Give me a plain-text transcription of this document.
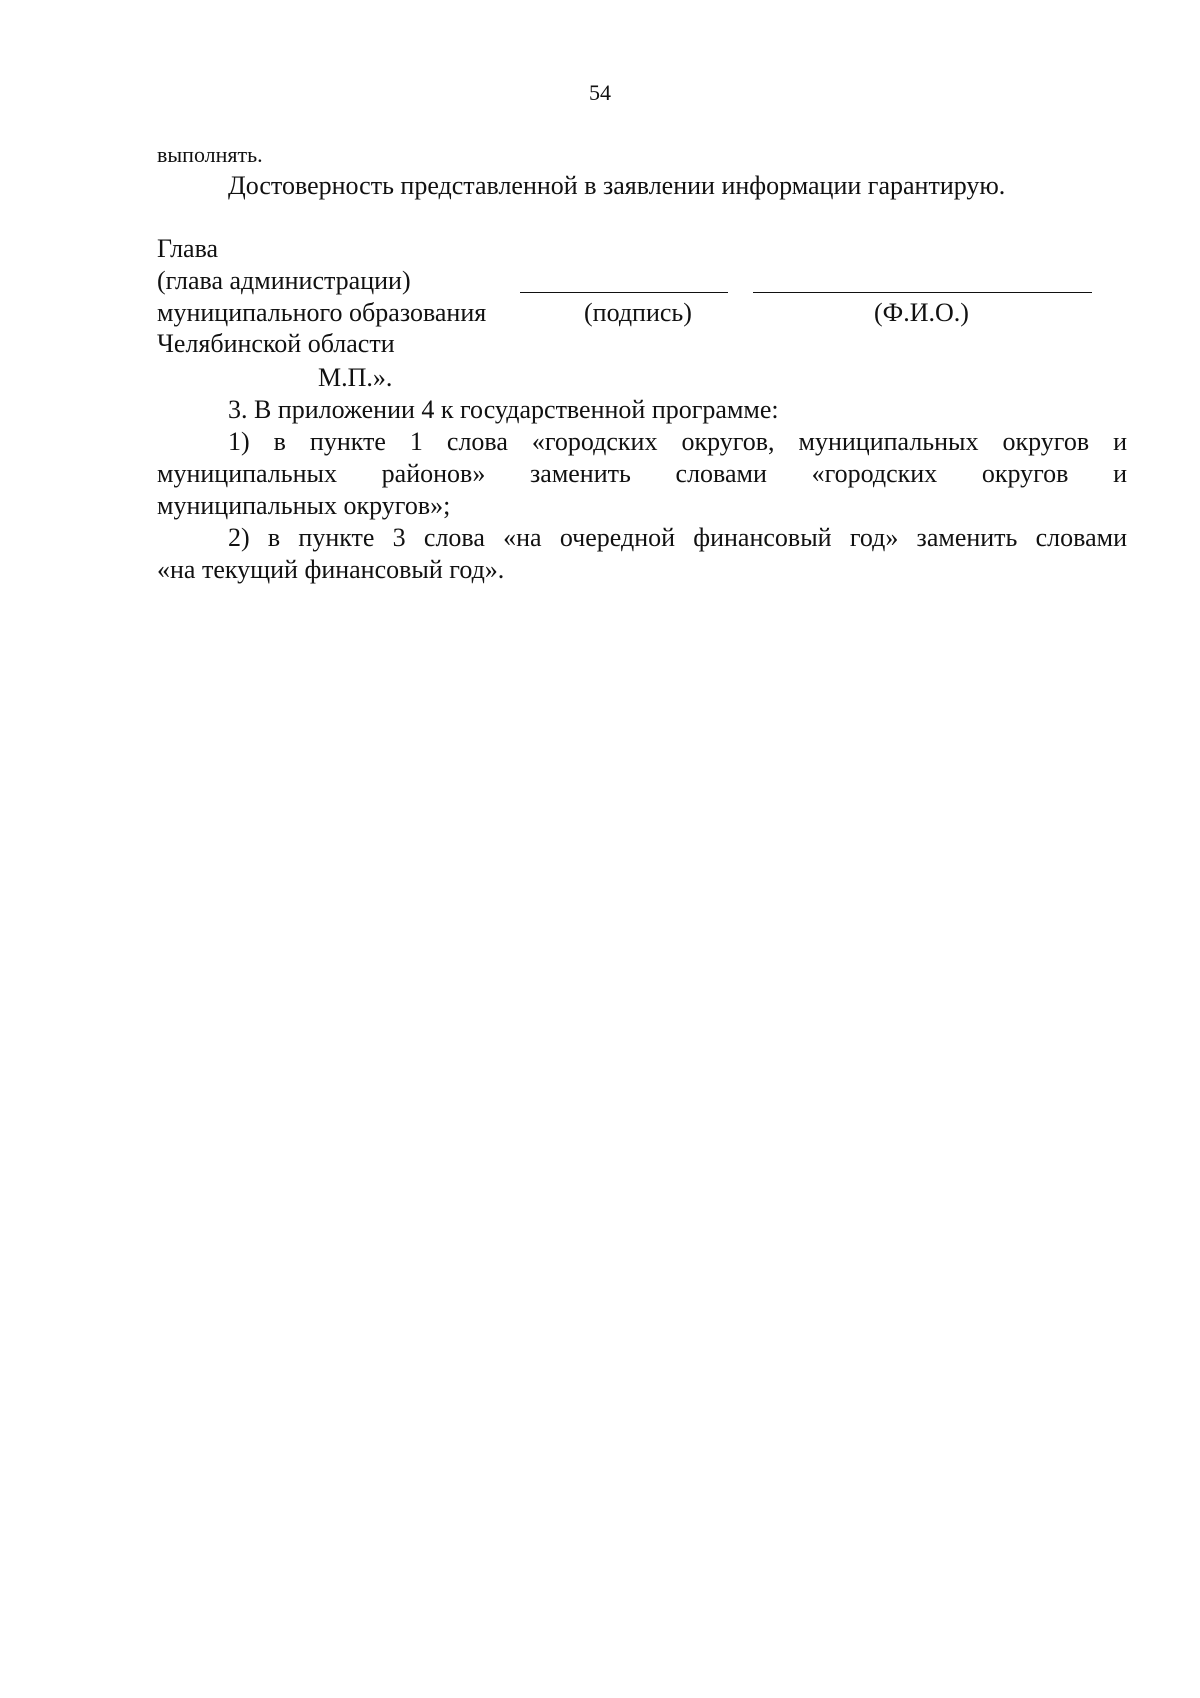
54
выполнять.
Достоверность представленной в заявлении информации гарантирую.
Глава
(глава администрации)
муниципального образования
Челябинской области
(подпись)	(Ф.И.О.)
М.П.».
3. В приложении 4 к государственной программе:
1) в пункте 1 слова «городских округов, муниципальных округов и
муниципальных районов» заменить словами «городских округов и
муниципальных округов»;
2) в пункте 3 слова «на очередной финансовый год» заменить словами
«на текущий финансовый год».
